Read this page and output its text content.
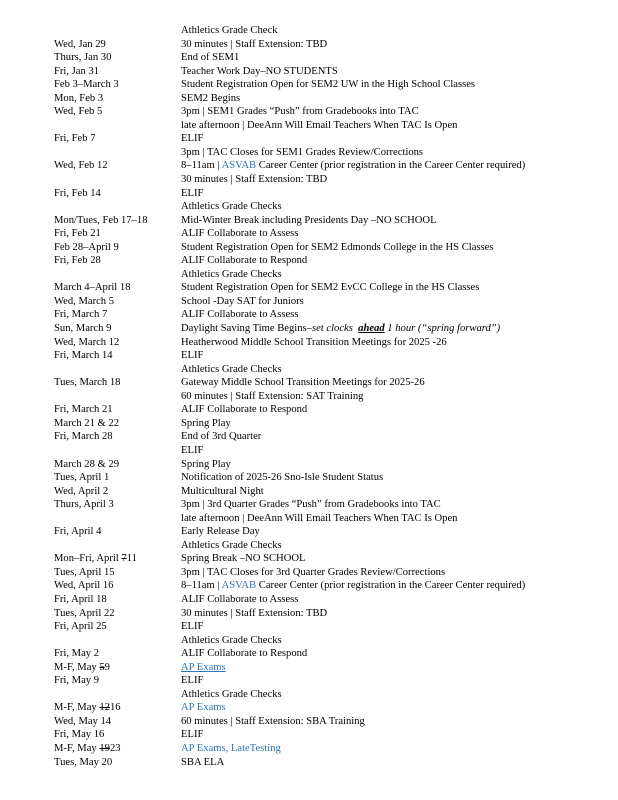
Athletics Grade Check
Wed, Jan 29	30 minutes | Staff Extension: TBD
Thurs, Jan 30	End of SEM1
Fri, Jan 31	Teacher Work Day–NO STUDENTS
Feb 3–March 3	Student Registration Open for SEM2 UW in the High School Classes
Mon, Feb 3	SEM2 Begins
Wed, Feb 5	3pm | SEM1 Grades “Push” from Gradebooks into TAC
late afternoon | DeeAnn Will Email Teachers When TAC Is Open
Fri, Feb 7	ELIF
3pm | TAC Closes for SEM1 Grades Review/Corrections
Wed, Feb 12	8–11am | ASVAB Career Center (prior registration in the Career Center required)
30 minutes | Staff Extension: TBD
Fri, Feb 14	ELIF
Athletics Grade Checks
Mon/Tues, Feb 17–18	Mid-Winter Break including Presidents Day –NO SCHOOL
Fri, Feb 21	ALIF Collaborate to Assess
Feb 28–April 9	Student Registration Open for SEM2 Edmonds College in the HS Classes
Fri, Feb 28	ALIF Collaborate to Respond
Athletics Grade Checks
March 4–April 18	Student Registration Open for SEM2 EvCC College in the HS Classes
Wed, March 5	School -Day SAT for Juniors
Fri, March 7	ALIF Collaborate to Assess
Sun, March 9	Daylight Saving Time Begins–set clocks  ahead 1 hour (“spring forward”)
Wed, March 12	Heatherwood Middle School Transition Meetings for 2025 -26
Fri, March 14	ELIF
Athletics Grade Checks
Tues, March 18	Gateway Middle School Transition Meetings for 2025-26
60 minutes | Staff Extension: SAT Training
Fri, March 21	ALIF Collaborate to Respond
March 21 & 22	Spring Play
Fri, March 28	End of 3rd Quarter
ELIF
March 28 & 29	Spring Play
Tues, April 1	Notification of 2025-26 Sno-Isle Student Status
Wed, April 2	Multicultural Night
Thurs, April 3	3pm | 3rd Quarter Grades “Push” from Gradebooks into TAC
late afternoon | DeeAnn Will Email Teachers When TAC Is Open
Fri, April 4	Early Release Day
Athletics Grade Checks
Mon–Fri, April 711	Spring Break –NO SCHOOL
Tues, April 15	3pm | TAC Closes for 3rd Quarter Grades Review/Corrections
Wed, April 16	8–11am | ASVAB Career Center (prior registration in the Career Center required)
Fri, April 18	ALIF Collaborate to Assess
Tues, April 22	30 minutes | Staff Extension: TBD
Fri, April 25	ELIF
Athletics Grade Checks
Fri, May 2	ALIF Collaborate to Respond
M-F, May 59	AP Exams
Fri, May 9	ELIF
Athletics Grade Checks
M-F, May 1216	AP Exams
Wed, May 14	60 minutes | Staff Extension: SBA Training
Fri, May 16	ELIF
M-F, May 1923	AP Exams, LateTesting
Tues, May 20	SBA ELA
